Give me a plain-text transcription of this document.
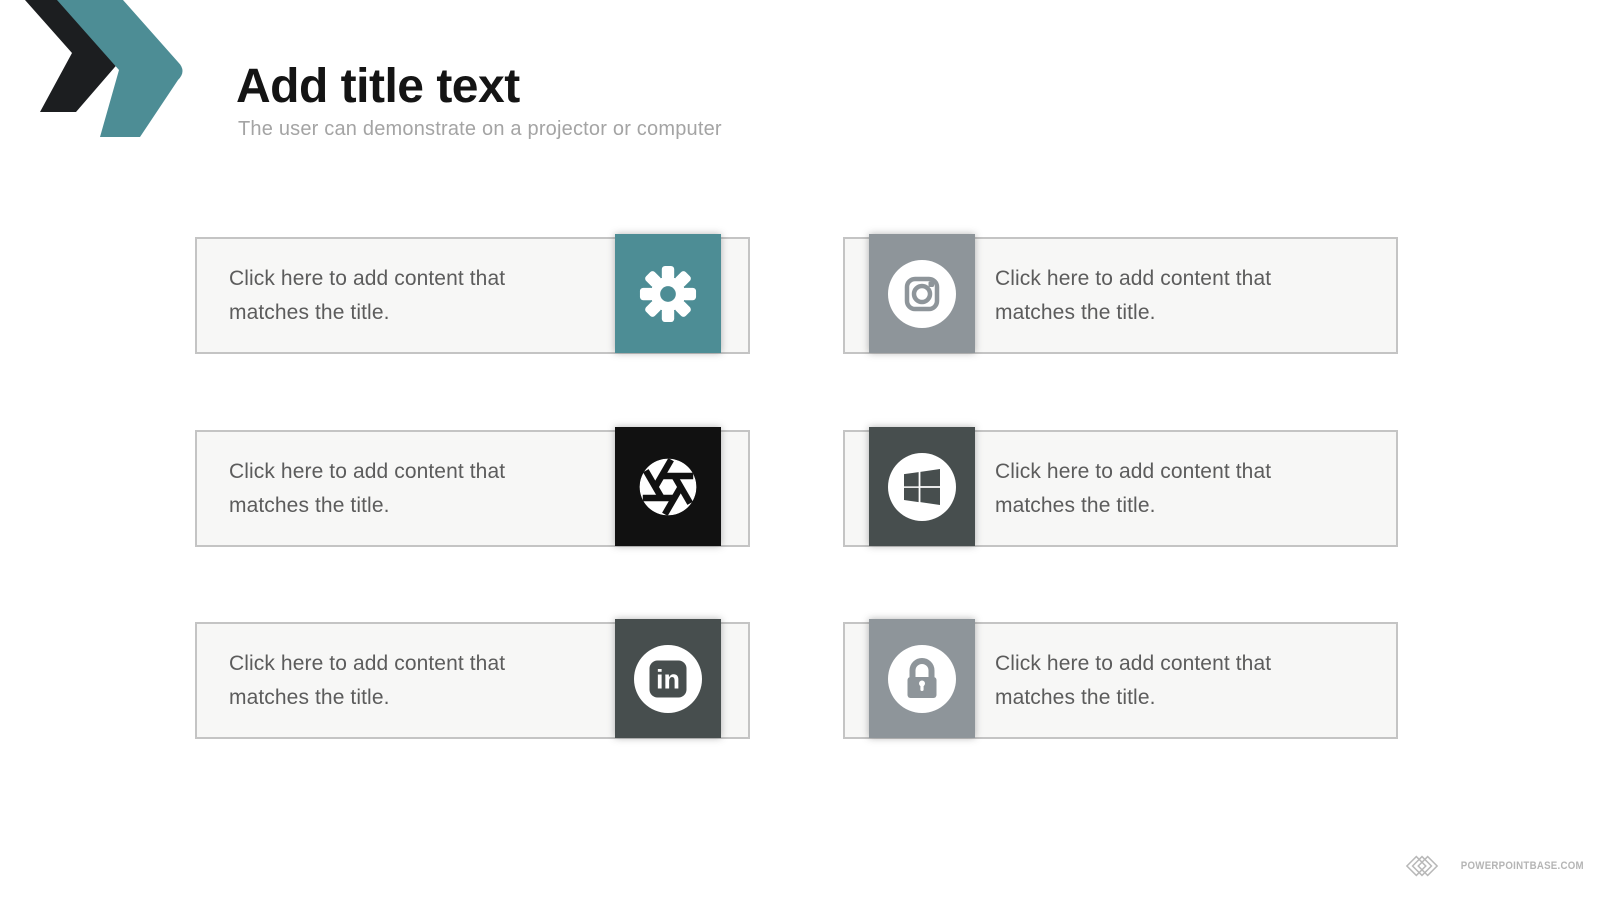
Add title text
The user can demonstrate on a projector or computer
Click here to add content that matches the title.
Click here to add content that matches the title.
Click here to add content that matches the title.
Click here to add content that matches the title.
Click here to add content that matches the title.
in
Click here to add content that matches the title.
POWERPOINTBASE.COM
